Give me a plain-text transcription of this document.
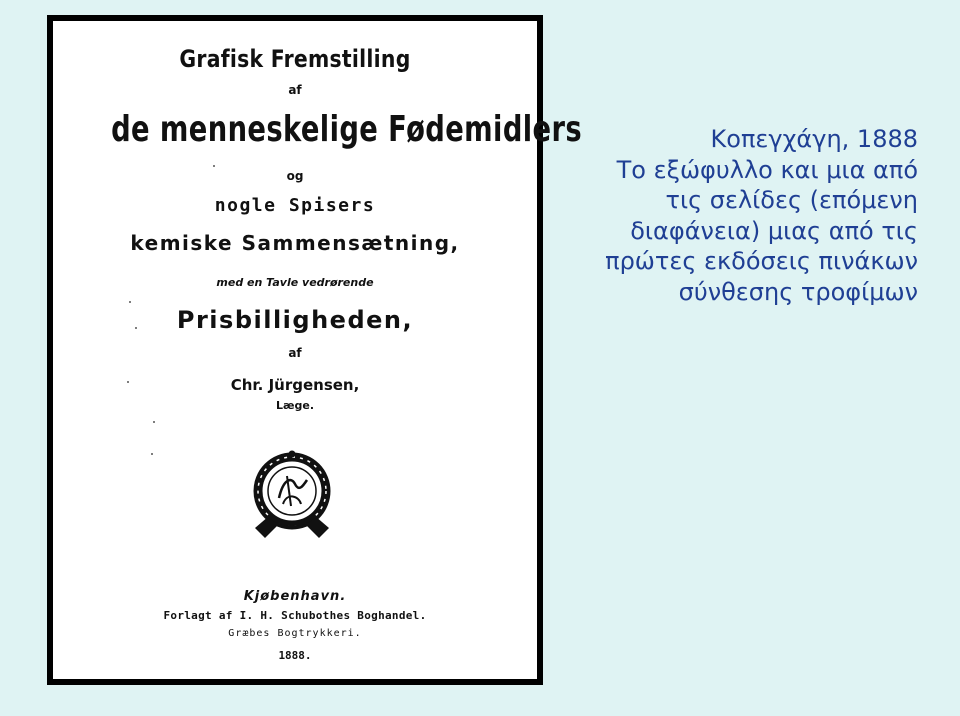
Grafisk Fremstilling
af
de menneskelige Fødemidlers
og
nogle Spisers
kemiske Sammensætning,
med en Tavle vedrørende
Prisbilligheden,
af
Chr. Jürgensen,
Læge.
Kjøbenhavn.
Forlagt af I. H. Schubothes Boghandel.
Græbes Bogtrykkeri.
1888.
Κοπεγχάγη, 1888
Το εξώφυλλο και μια από
τις σελίδες (επόμενη
διαφάνεια) μιας από τις
πρώτες εκδόσεις πινάκων
σύνθεσης τροφίμων
